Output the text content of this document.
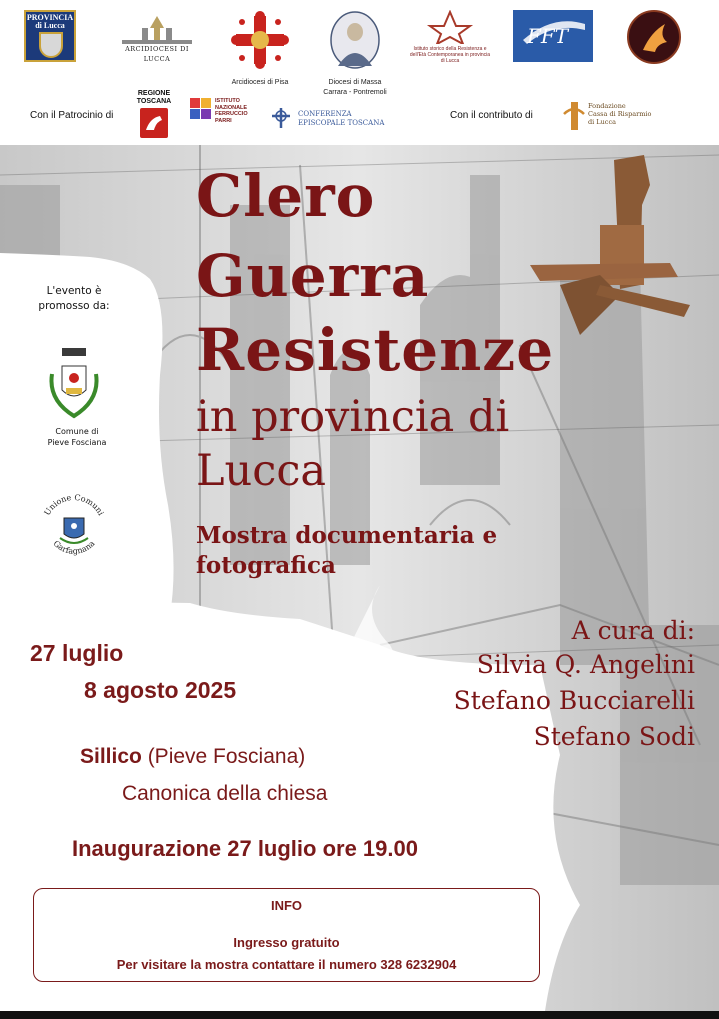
PROVINCIA di Lucca
ARCIDIOCESI DI LUCCA
Arcidiocesi di Pisa	Diocesi di Massa
Carrara - Pontremoli
Istituto storico della Resistenza e dell'Età Contemporanea in provincia di Lucca
FFT
Con il Patrocinio di
REGIONE TOSCANA	ISTITUTO NAZIONALE FERRUCCIO PARRI
CONFERENZA
EPISCOPALE TOSCANA
Con il contributo di
Fondazione
Cassa di Risparmio
di Lucca
Clero
Guerra
Resistenze
in provincia di
Lucca
Mostra documentaria e
fotografica
L'evento è
promosso da:
Comune di
Pieve Fosciana
Unione Comuni
Garfagnana
A cura di:
Silvia Q. Angelini
Stefano Bucciarelli
Stefano Sodi
27 luglio
8 agosto 2025
Sillico (Pieve Fosciana)
Canonica della chiesa
Inaugurazione 27 luglio ore 19.00
INFO
Ingresso gratuito
Per visitare la mostra contattare il numero 328 6232904
